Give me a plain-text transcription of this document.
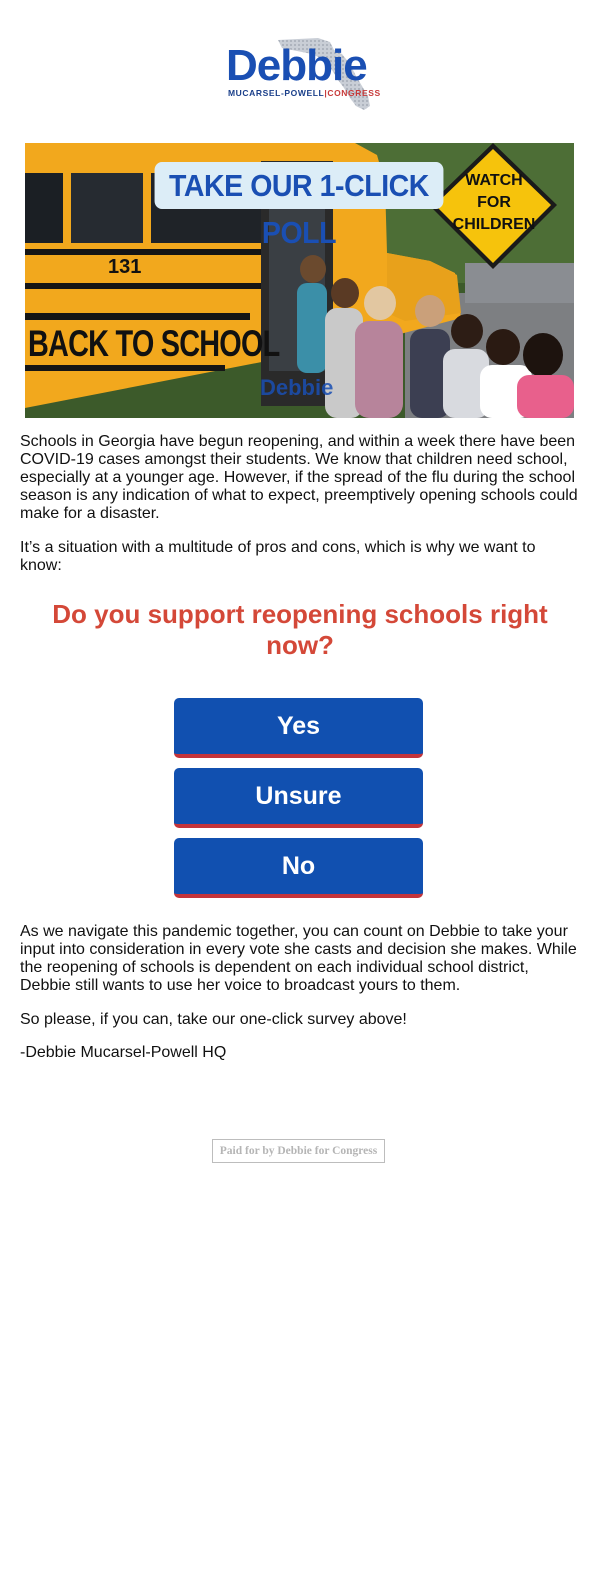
Debbie
MUCARSEL-POWELL|CONGRESS
TAKE OUR 1-CLICK POLL
WATCH
FOR
CHILDREN
131
BACK TO SCHOOL
Debbie

Schools in Georgia have begun reopening, and within a week there have been COVID-19 cases amongst their students. We know that children need school, especially at a younger age. However, if the spread of the flu during the school season is any indication of what to expect, preemptively opening schools could make for a disaster.

It’s a situation with a multitude of pros and cons, which is why we want to know:

Do you support reopening schools right now?
Yes
Unsure
No

As we navigate this pandemic together, you can count on Debbie to take your input into consideration in every vote she casts and decision she makes. While the reopening of schools is dependent on each individual school district, Debbie still wants to use her voice to broadcast yours to them.

So please, if you can, take our one-click survey above!

-Debbie Mucarsel-Powell HQ

Paid for by Debbie for Congress
